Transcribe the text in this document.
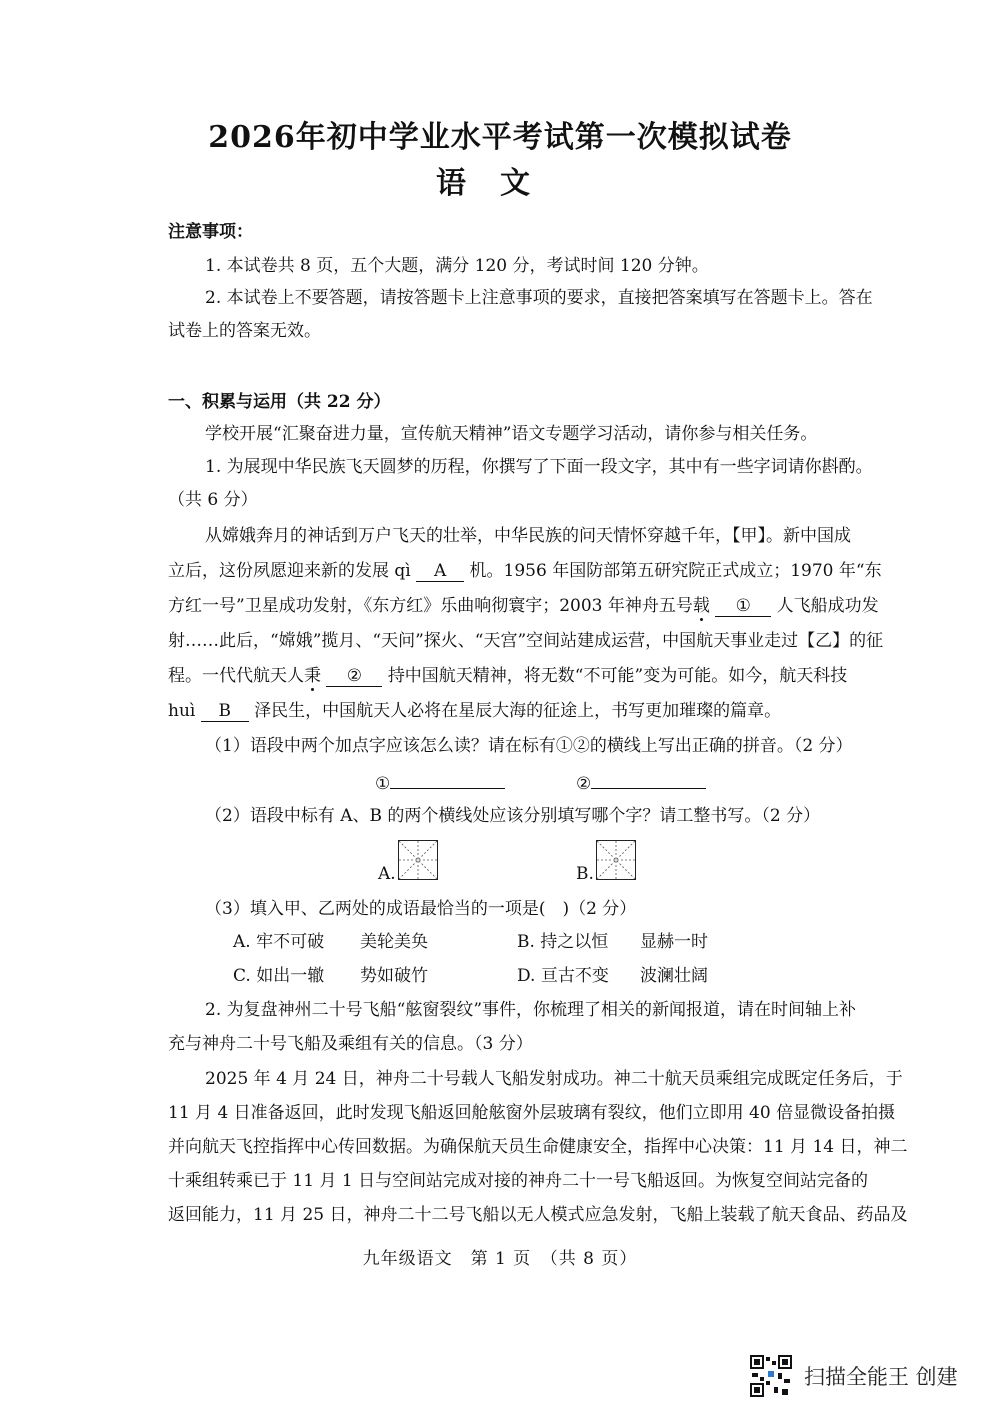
2026年初中学业水平考试第一次模拟试卷
语文
注意事项：
1. 本试卷共 8 页，五个大题，满分 120 分，考试时间 120 分钟。
2. 本试卷上不要答题，请按答题卡上注意事项的要求，直接把答案填写在答题卡上。答在
试卷上的答案无效。
一、积累与运用（共 22 分）
学校开展“汇聚奋进力量，宣传航天精神”语文专题学习活动，请你参与相关任务。
1. 为展现中华民族飞天圆梦的历程，你撰写了下面一段文字，其中有一些字词请你斟酌。
（共 6 分）
从嫦娥奔月的神话到万户飞天的壮举，中华民族的问天情怀穿越千年，【甲】。新中国成
立后，这份夙愿迎来新的发展 qì A 机。1956 年国防部第五研究院正式成立；1970 年“东
方红一号”卫星成功发射，《东方红》乐曲响彻寰宇；2003 年神舟五号载 ① 人飞船成功发
射……此后，“嫦娥”揽月、“天问”探火、“天宫”空间站建成运营，中国航天事业走过【乙】的征
程。一代代航天人秉 ② 持中国航天精神，将无数“不可能”变为可能。如今，航天科技
huì B 泽民生，中国航天人必将在星辰大海的征途上，书写更加璀璨的篇章。
（1）语段中两个加点字应该怎么读？请在标有①②的横线上写出正确的拼音。（2 分）
①	②
（2）语段中标有 A、B 的两个横线处应该分别填写哪个字？请工整书写。（2 分）
A.	B.
（3）填入甲、乙两处的成语最恰当的一项是(　)（2 分）
A. 牢不可破 美轮美奂	B. 持之以恒 显赫一时
C. 如出一辙 势如破竹	D. 亘古不变 波澜壮阔
2. 为复盘神州二十号飞船“舷窗裂纹”事件，你梳理了相关的新闻报道，请在时间轴上补
充与神舟二十号飞船及乘组有关的信息。（3 分）
2025 年 4 月 24 日，神舟二十号载人飞船发射成功。神二十航天员乘组完成既定任务后，于
11 月 4 日准备返回，此时发现飞船返回舱舷窗外层玻璃有裂纹，他们立即用 40 倍显微设备拍摄
并向航天飞控指挥中心传回数据。为确保航天员生命健康安全，指挥中心决策：11 月 14 日，神二
十乘组转乘已于 11 月 1 日与空间站完成对接的神舟二十一号飞船返回。为恢复空间站完备的
返回能力，11 月 25 日，神舟二十二号飞船以无人模式应急发射，飞船上装载了航天食品、药品及
九年级语文　第 1 页　（共 8 页）
扫描全能王 创建
